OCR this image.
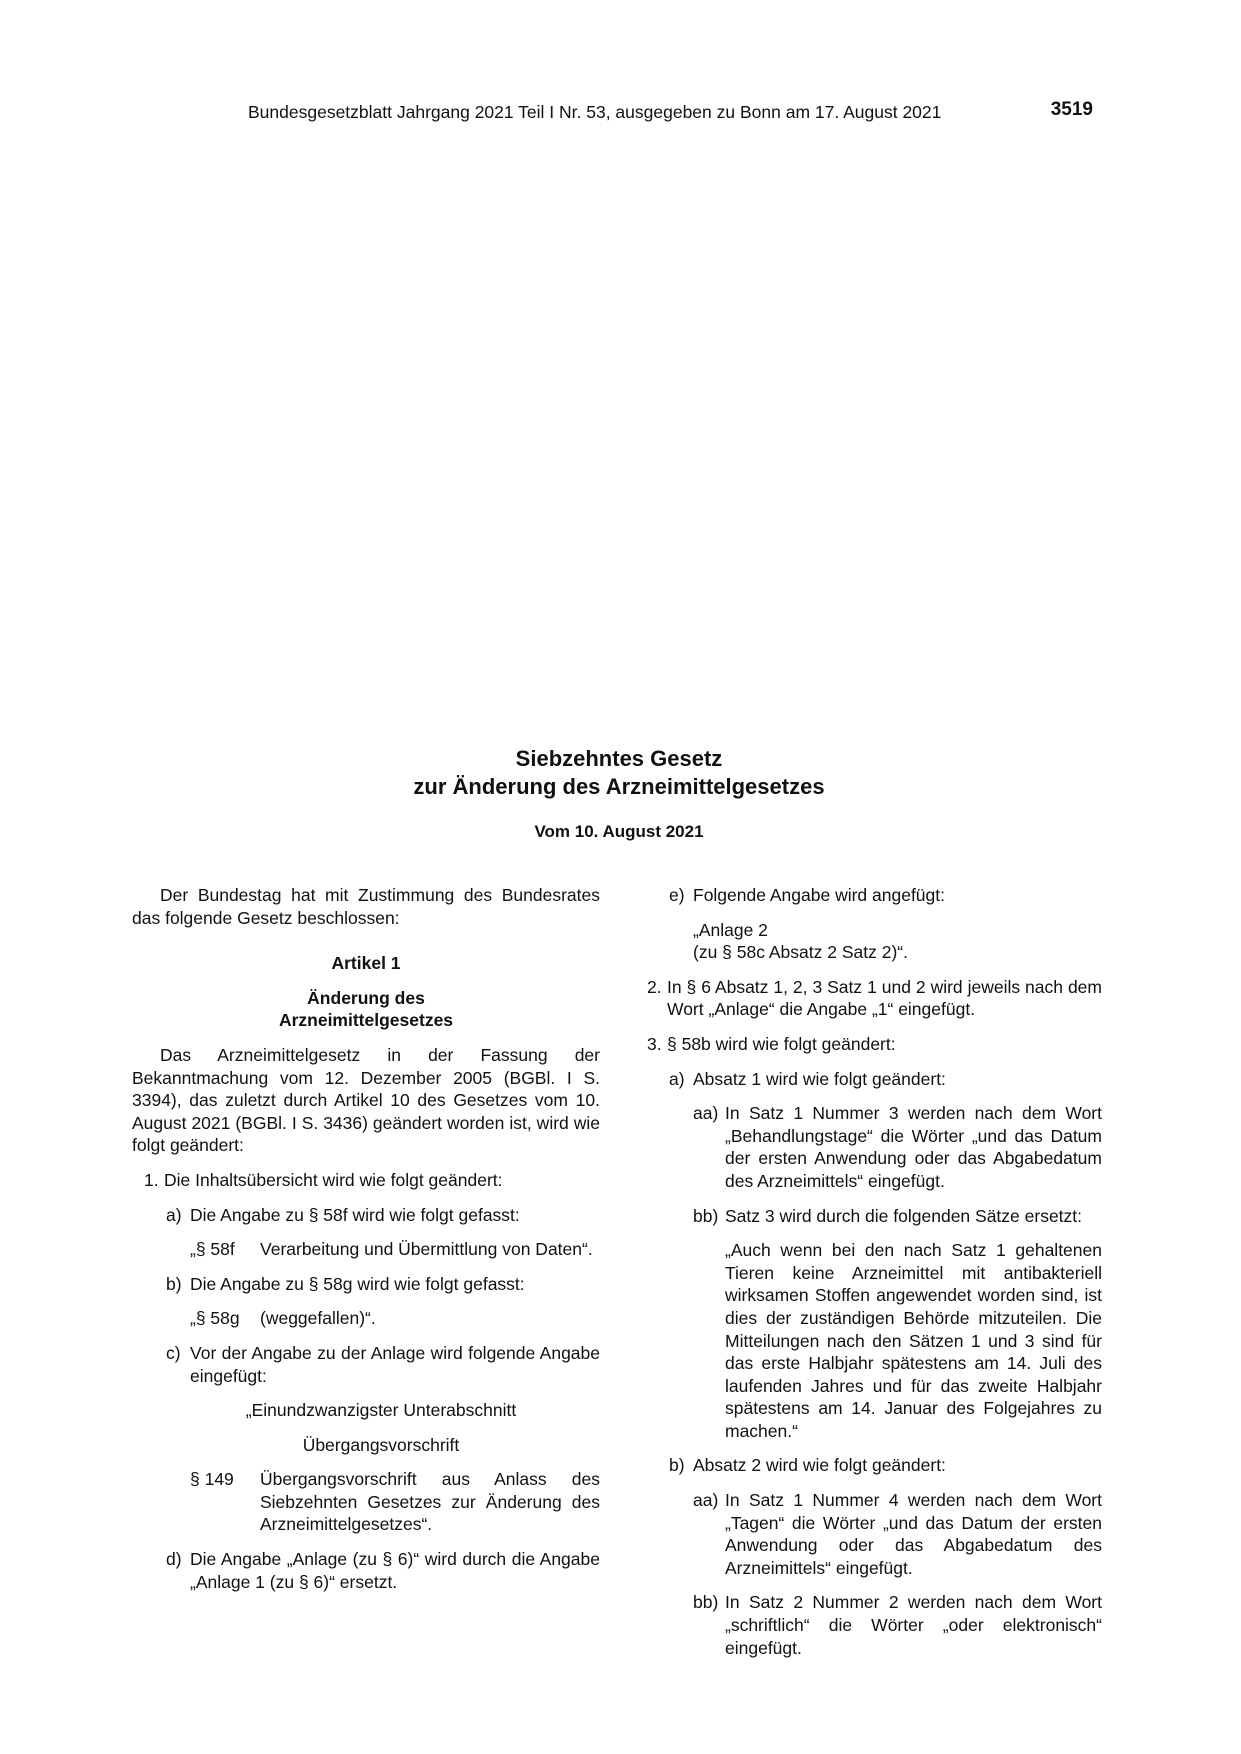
Bundesgesetzblatt Jahrgang 2021 Teil I Nr. 53, ausgegeben zu Bonn am 17. August 2021	3519
Siebzehntes Gesetz
zur Änderung des Arzneimittelgesetzes
Vom 10. August 2021

Der Bundestag hat mit Zustimmung des Bundesrates das folgende Gesetz beschlossen:

Artikel 1

Änderung des

Arzneimittelgesetzes

Das Arzneimittelgesetz in der Fassung der Bekanntmachung vom 12. Dezember 2005 (BGBl. I S. 3394), das zuletzt durch Artikel 10 des Gesetzes vom 10. August 2021 (BGBl. I S. 3436) geändert worden ist, wird wie folgt geändert:

1. Die Inhaltsübersicht wird wie folgt geändert:
a) Die Angabe zu § 58f wird wie folgt gefasst:
„§ 58f	Verarbeitung und Übermittlung von Daten“.
b) Die Angabe zu § 58g wird wie folgt gefasst:
„§ 58g	(weggefallen)“.
c) Vor der Angabe zu der Anlage wird folgende Angabe eingefügt:

„Einundzwanzigster Unterabschnitt

Übergangsvorschrift

§ 149	Übergangsvorschrift aus Anlass des Siebzehnten Gesetzes zur Änderung des Arzneimittelgesetzes“.
d) Die Angabe „Anlage (zu § 6)“ wird durch die Angabe „Anlage 1 (zu § 6)“ ersetzt.
e) Folgende Angabe wird angefügt:

„Anlage 2

(zu § 58c Absatz 2 Satz 2)“.

2. In § 6 Absatz 1, 2, 3 Satz 1 und 2 wird jeweils nach dem Wort „Anlage“ die Angabe „1“ eingefügt.
3. § 58b wird wie folgt geändert:
a) Absatz 1 wird wie folgt geändert:
aa) In Satz 1 Nummer 3 werden nach dem Wort „Behandlungstage“ die Wörter „und das Datum der ersten Anwendung oder das Abgabedatum des Arzneimittels“ eingefügt.
bb) Satz 3 wird durch die folgenden Sätze ersetzt:

„Auch wenn bei den nach Satz 1 gehaltenen Tieren keine Arzneimittel mit antibakteriell wirksamen Stoffen angewendet worden sind, ist dies der zuständigen Behörde mitzuteilen. Die Mitteilungen nach den Sätzen 1 und 3 sind für das erste Halbjahr spätestens am 14. Juli des laufenden Jahres und für das zweite Halbjahr spätestens am 14. Januar des Folgejahres zu machen.“

b) Absatz 2 wird wie folgt geändert:
aa) In Satz 1 Nummer 4 werden nach dem Wort „Tagen“ die Wörter „und das Datum der ersten Anwendung oder das Abgabedatum des Arzneimittels“ eingefügt.
bb) In Satz 2 Nummer 2 werden nach dem Wort „schriftlich“ die Wörter „oder elektronisch“ eingefügt.
